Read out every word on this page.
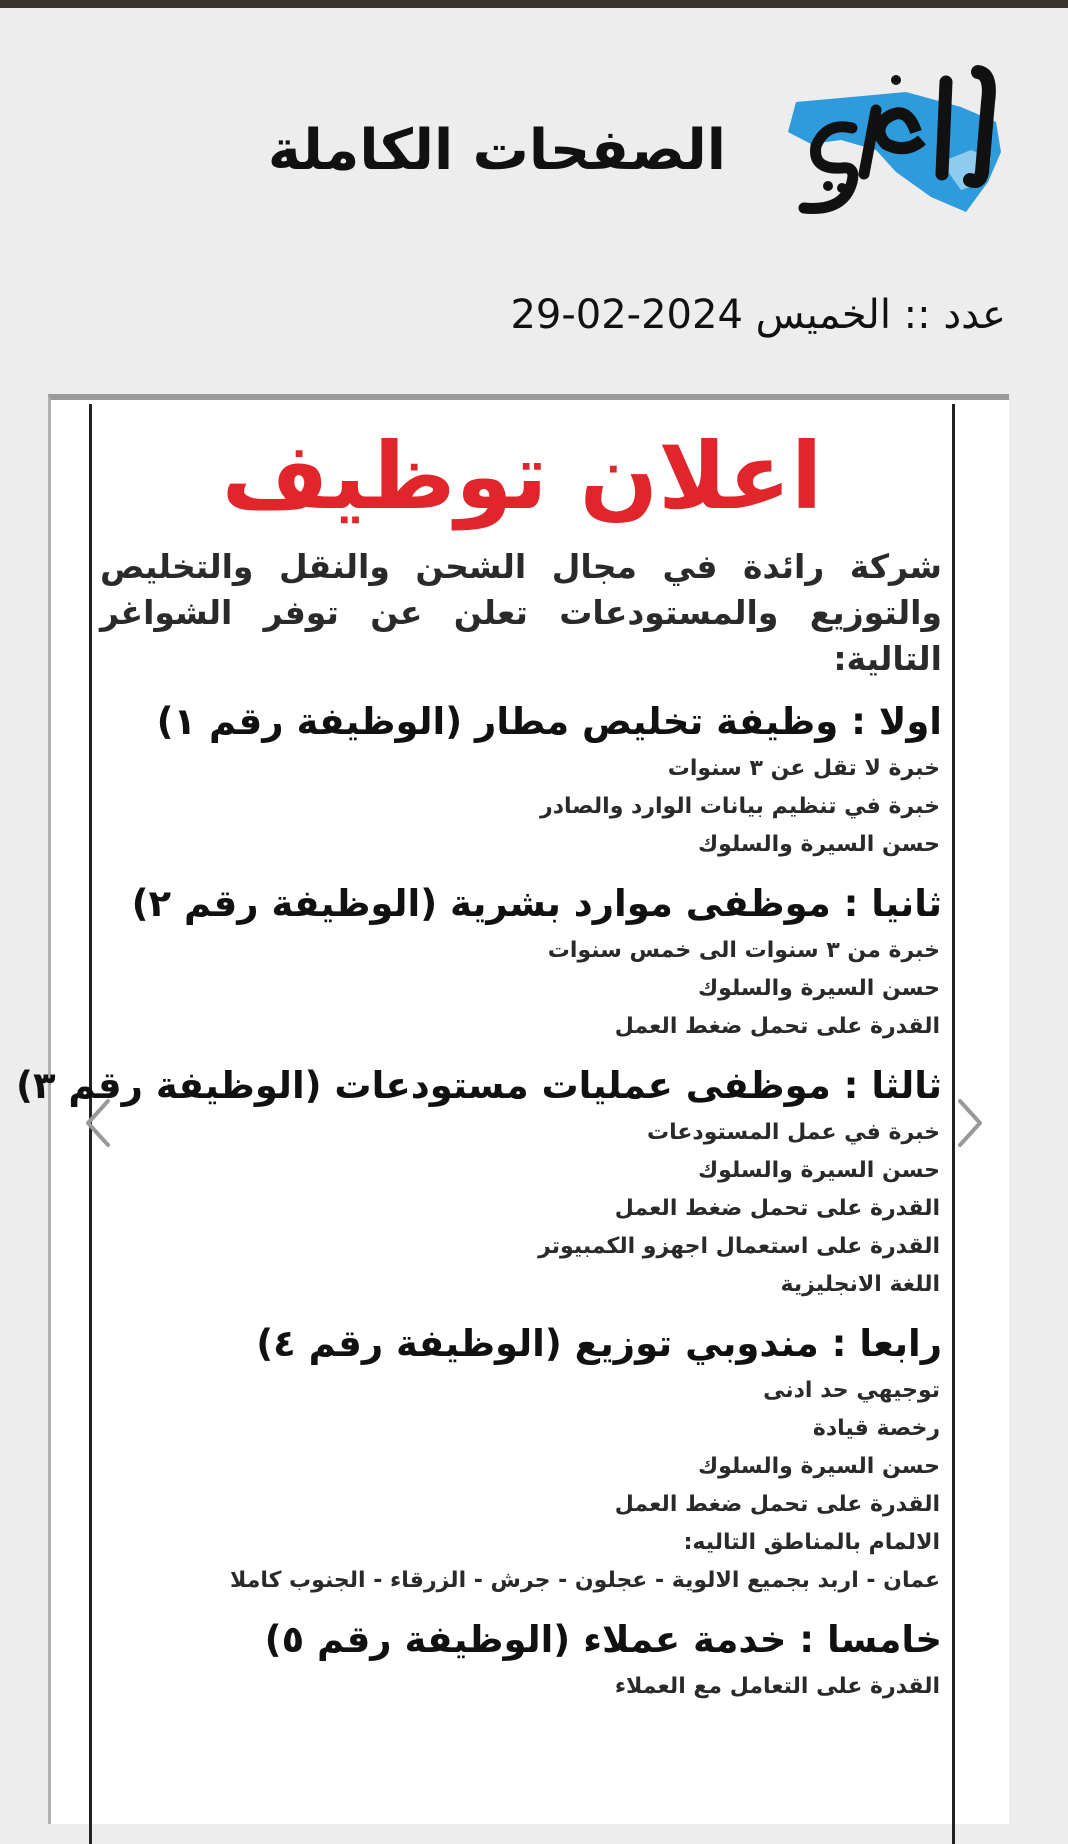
الصفحات الكاملة
عدد :: الخميس 29-02-2024
اعلان توظيف
شركة رائدة في مجال الشحن والنقل والتخليص والتوزيع والمستودعات تعلن عن توفر الشواغر التالية:
اولا : وظيفة تخليص مطار (الوظيفة رقم ١)
خبرة لا تقل عن ٣ سنوات
خبرة في تنظيم بيانات الوارد والصادر
حسن السيرة والسلوك
ثانيا : موظفى موارد بشرية (الوظيفة رقم ٢)
خبرة من ٣ سنوات الى خمس سنوات
حسن السيرة والسلوك
القدرة على تحمل ضغط العمل
ثالثا : موظفى عمليات مستودعات (الوظيفة رقم ٣)
خبرة في عمل المستودعات
حسن السيرة والسلوك
القدرة على تحمل ضغط العمل
القدرة على استعمال اجهزو الكمبيوتر
اللغة الانجليزية
رابعا : مندوبي توزيع (الوظيفة رقم ٤)
توجيهي حد ادنى
رخصة قيادة
حسن السيرة والسلوك
القدرة على تحمل ضغط العمل
الالمام بالمناطق التاليه:
عمان - اربد بجميع الالوية - عجلون - جرش - الزرقاء - الجنوب كاملا
خامسا : خدمة عملاء (الوظيفة رقم ٥)
القدرة على التعامل مع العملاء
